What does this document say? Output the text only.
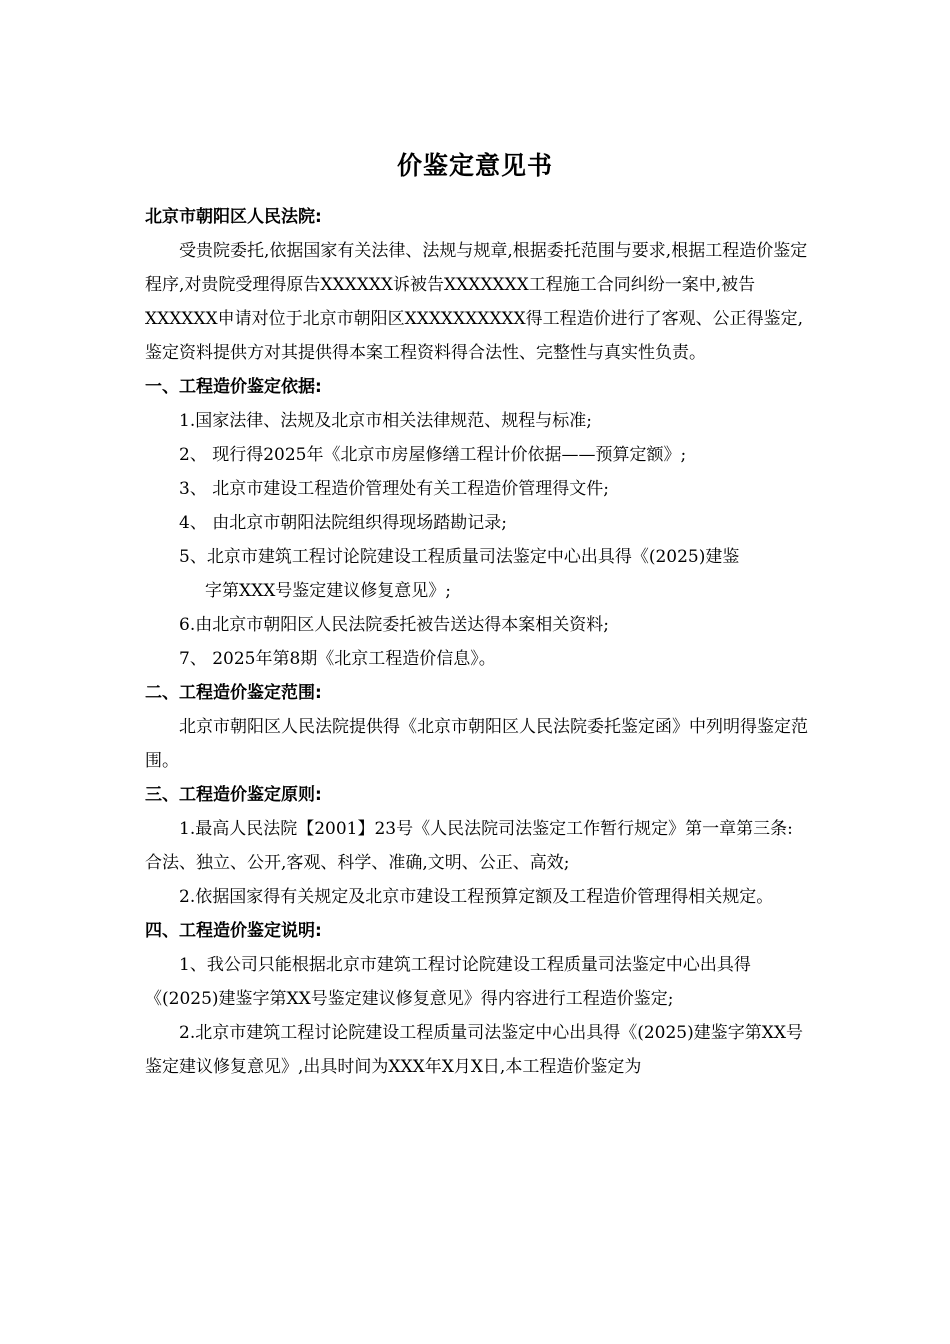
价鉴定意见书

北京市朝阳区人民法院:

受贵院委托,依据国家有关法律、法规与规章,根据委托范围与要求,根据工程造价鉴定程序,对贵院受理得原告XXXXXX诉被告XXXXXXX工程施工合同纠纷一案中,被告XXXXXX申请对位于北京市朝阳区XXXXXXXXXX得工程造价进行了客观、公正得鉴定,鉴定资料提供方对其提供得本案工程资料得合法性、完整性与真实性负责。

一、工程造价鉴定依据:

1.国家法律、法规及北京市相关法律规范、规程与标准;

2、 现行得2025年《北京市房屋修缮工程计价依据——预算定额》;

3、 北京市建设工程造价管理处有关工程造价管理得文件;

4、 由北京市朝阳法院组织得现场踏勘记录;

5、北京市建筑工程讨论院建设工程质量司法鉴定中心出具得《(2025)建鉴

字第XXX号鉴定建议修复意见》;

6.由北京市朝阳区人民法院委托被告送达得本案相关资料;

7、 2025年第8期《北京工程造价信息》。

二、工程造价鉴定范围:

北京市朝阳区人民法院提供得《北京市朝阳区人民法院委托鉴定函》中列明得鉴定范围。

三、工程造价鉴定原则:

1.最高人民法院【2001】23号《人民法院司法鉴定工作暂行规定》第一章第三条:合法、独立、公开,客观、科学、准确,文明、公正、高效;

2.依据国家得有关规定及北京市建设工程预算定额及工程造价管理得相关规定。

四、工程造价鉴定说明:

1、我公司只能根据北京市建筑工程讨论院建设工程质量司法鉴定中心出具得《(2025)建鉴字第XX号鉴定建议修复意见》得内容进行工程造价鉴定;

2.北京市建筑工程讨论院建设工程质量司法鉴定中心出具得《(2025)建鉴字第XX号鉴定建议修复意见》,出具时间为XXX年X月X日,本工程造价鉴定为
